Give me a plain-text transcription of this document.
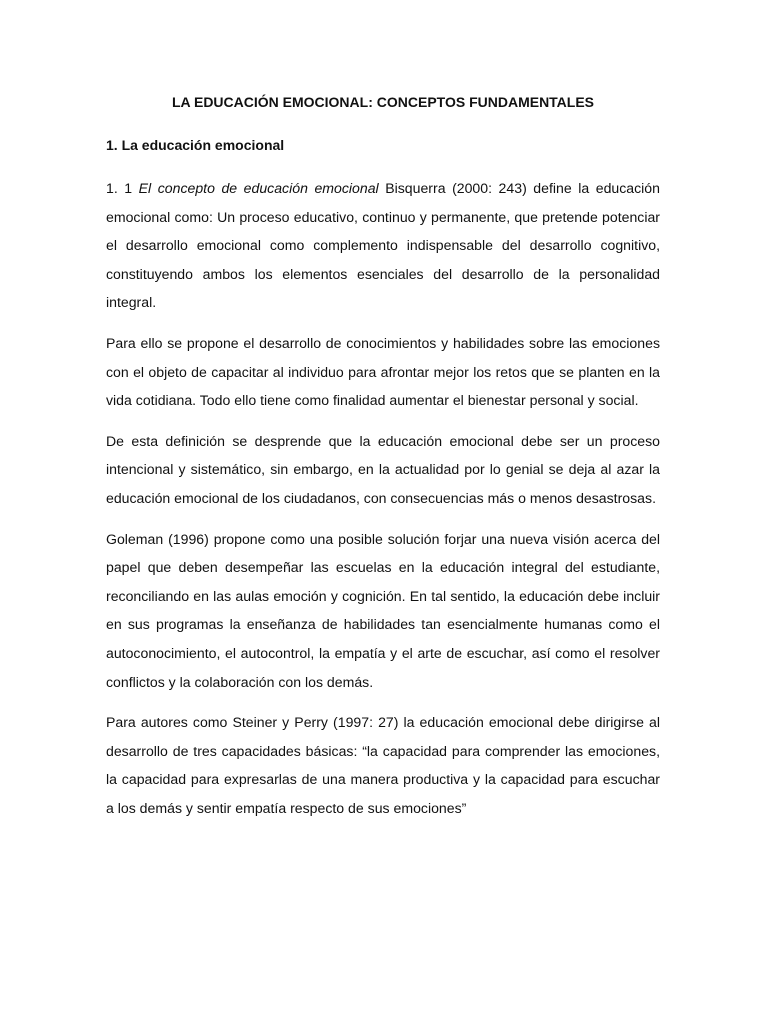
LA EDUCACIÓN EMOCIONAL: CONCEPTOS FUNDAMENTALES
1. La educación emocional

1. 1 El concepto de educación emocional Bisquerra (2000: 243) define la educación emocional como: Un proceso educativo, continuo y permanente, que pretende potenciar el desarrollo emocional como complemento indispensable del desarrollo cognitivo, constituyendo ambos los elementos esenciales del desarrollo de la personalidad integral.

Para ello se propone el desarrollo de conocimientos y habilidades sobre las emociones con el objeto de capacitar al individuo para afrontar mejor los retos que se planten en la vida cotidiana. Todo ello tiene como finalidad aumentar el bienestar personal y social.

De esta definición se desprende que la educación emocional debe ser un proceso intencional y sistemático, sin embargo, en la actualidad por lo genial se deja al azar la educación emocional de los ciudadanos, con consecuencias más o menos desastrosas.

Goleman (1996) propone como una posible solución forjar una nueva visión acerca del papel que deben desempeñar las escuelas en la educación integral del estudiante, reconciliando en las aulas emoción y cognición. En tal sentido, la educación debe incluir en sus programas la enseñanza de habilidades tan esencialmente humanas como el autoconocimiento, el autocontrol, la empatía y el arte de escuchar, así como el resolver conflictos y la colaboración con los demás.

Para autores como Steiner y Perry (1997: 27) la educación emocional debe dirigirse al desarrollo de tres capacidades básicas: “la capacidad para comprender las emociones, la capacidad para expresarlas de una manera productiva y la capacidad para escuchar a los demás y sentir empatía respecto de sus emociones”
